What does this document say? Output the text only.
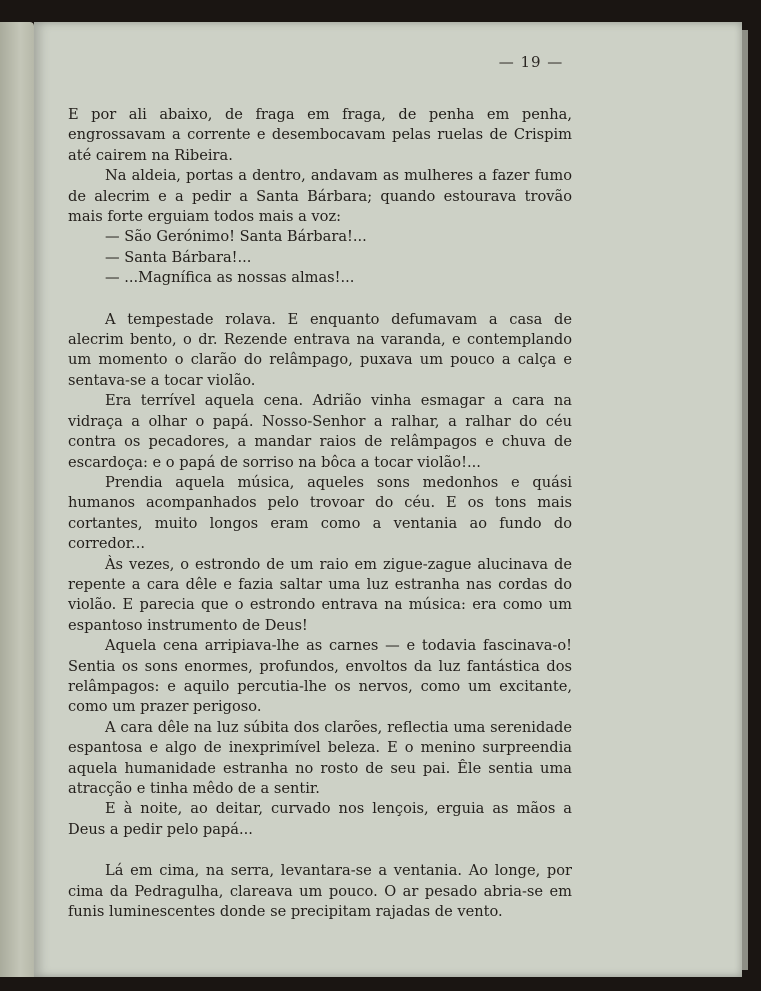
— 19 —

E por ali abaixo, de fraga em fraga, de penha em penha, engrossavam a corrente e desembocavam pelas ruelas de Crispim até cairem na Ribeira.

Na aldeia, portas a dentro, andavam as mulheres a fazer fumo de alecrim e a pedir a Santa Bárbara; quando estourava trovão mais forte erguiam todos mais a voz:

— São Gerónimo! Santa Bárbara!...

— Santa Bárbara!...

— ...Magnífica as nossas almas!...

A tempestade rolava. E enquanto defumavam a casa de alecrim bento, o dr. Rezende entrava na varanda, e contemplando um momento o clarão do relâmpago, puxava um pouco a calça e sentava-se a tocar violão.

Era terrível aquela cena. Adrião vinha esmagar a cara na vidraça a olhar o papá. Nosso-Senhor a ralhar, a ralhar do céu contra os pecadores, a mandar raios de relâmpagos e chuva de escardoça: e o papá de sorriso na bôca a tocar violão!...

Prendia aquela música, aqueles sons medonhos e quási humanos acompanhados pelo trovoar do céu. E os tons mais cortantes, muito longos eram como a ventania ao fundo do corredor...

Às vezes, o estrondo de um raio em zigue-zague alucinava de repente a cara dêle e fazia saltar uma luz estranha nas cordas do violão. E parecia que o estrondo entrava na música: era como um espantoso instrumento de Deus!

Aquela cena arripiava-lhe as carnes — e todavia fascinava-o! Sentia os sons enormes, profundos, envoltos da luz fantástica dos relâmpagos: e aquilo percutia-lhe os nervos, como um excitante, como um prazer perigoso.

A cara dêle na luz súbita dos clarões, reflectia uma serenidade espantosa e algo de inexprimível beleza. E o menino surpreendia aquela humanidade estranha no rosto de seu pai. Êle sentia uma atracção e tinha mêdo de a sentir.

E à noite, ao deitar, curvado nos lençois, erguia as mãos a Deus a pedir pelo papá...

Lá em cima, na serra, levantara-se a ventania. Ao longe, por cima da Pedragulha, clareava um pouco. O ar pesado abria-se em funis luminescentes donde se precipitam rajadas de vento.
